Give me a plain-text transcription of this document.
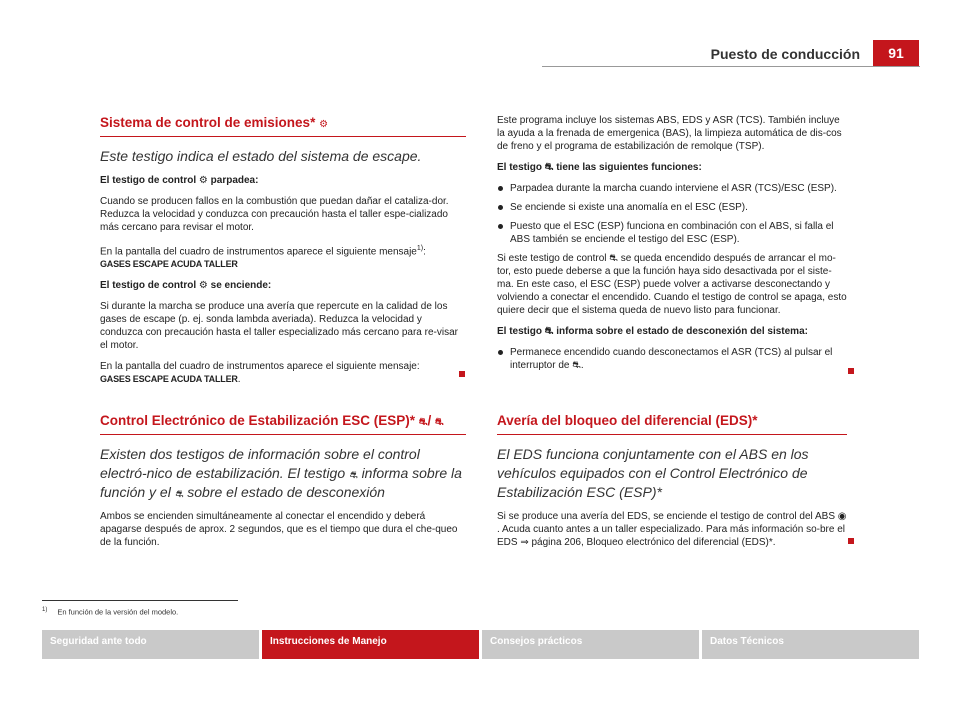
Puesto de conducción	91
Sistema de control de emisiones* ⚙

Este testigo indica el estado del sistema de escape.

El testigo de control ⚙ parpadea:

Cuando se producen fallos en la combustión que puedan dañar el cataliza-dor. Reduzca la velocidad y conduzca con precaución hasta el taller espe-cializado más cercano para revisar el motor.

En la pantalla del cuadro de instrumentos aparece el siguiente mensaje$^{1)}$:
GASES ESCAPE ACUDA TALLER

El testigo de control ⚙ se enciende:

Si durante la marcha se produce una avería que repercute en la calidad de los gases de escape (p. ej. sonda lambda averiada). Reduzca la velocidad y conduzca con precaución hasta el taller especializado más cercano para re-visar el motor.

En la pantalla del cuadro de instrumentos aparece el siguiente mensaje:
GASES ESCAPE ACUDA TALLER.

Control Electrónico de Estabilización ESC (ESP)* ⛐/ ⛐

Existen dos testigos de información sobre el control electró-nico de estabilización. El testigo ⛐ informa sobre la función y el ⛐ sobre el estado de desconexión

Ambos se encienden simultáneamente al conectar el encendido y deberá apagarse después de aprox. 2 segundos, que es el tiempo que dura el che-queo de la función.

Este programa incluye los sistemas ABS, EDS y ASR (TCS). También incluye la ayuda a la frenada de emergenica (BAS), la limpieza automática de dis-cos de freno y el programa de estabilización de remolque (TSP).

El testigo ⛐ tiene las siguientes funciones:

Parpadea durante la marcha cuando interviene el ASR (TCS)/ESC (ESP).
Se enciende si existe una anomalía en el ESC (ESP).
Puesto que el ESC (ESP) funciona en combinación con el ABS, si falla el ABS también se enciende el testigo del ESC (ESP).

Si este testigo de control ⛐ se queda encendido después de arrancar el mo-tor, esto puede deberse a que la función haya sido desactivada por el siste-ma. En este caso, el ESC (ESP) puede volver a activarse desconectando y volviendo a conectar el encendido. Cuando el testigo de control se apaga, esto quiere decir que el sistema queda de nuevo listo para funcionar.

El testigo ⛐ informa sobre el estado de desconexión del sistema:

Permanece encendido cuando desconectamos el ASR (TCS) al pulsar el interruptor de ⛐.
Avería del bloqueo del diferencial (EDS)*

El EDS funciona conjuntamente con el ABS en los vehículos equipados con el Control Electrónico de Estabilización ESC (ESP)*

Si se produce una avería del EDS, se enciende el testigo de control del ABS ◉. Acuda cuanto antes a un taller especializado. Para más información so-bre el EDS ⇒ página 206, Bloqueo electrónico del diferencial (EDS)*.

$^{1)}$ En función de la versión del modelo.
Seguridad ante todo	Instrucciones de Manejo	Consejos prácticos	Datos Técnicos
